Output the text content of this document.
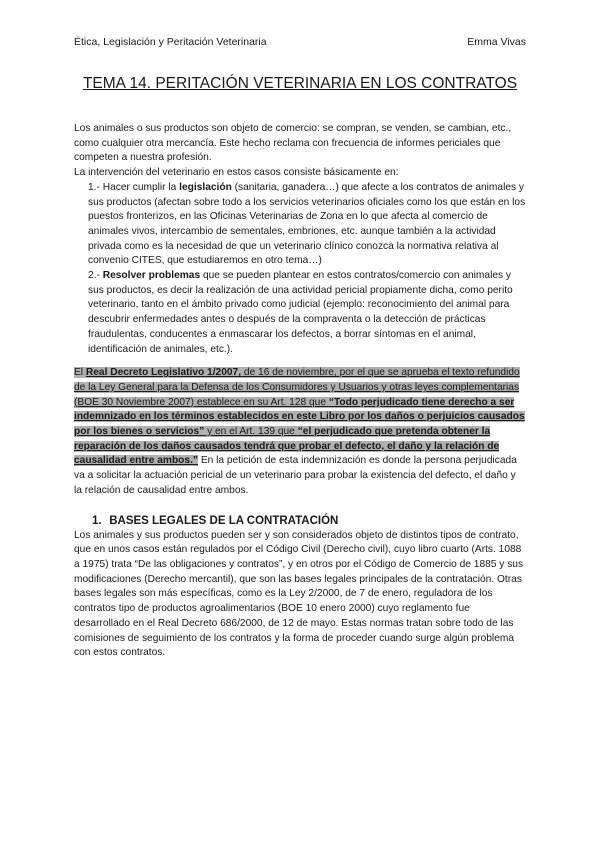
Ética, Legislación y Peritación Veterinaria	Emma Vivas
TEMA 14. PERITACIÓN VETERINARIA EN LOS CONTRATOS

Los animales o sus productos son objeto de comercio: se compran, se venden, se cambian, etc., como cualquier otra mercancía. Este hecho reclama con frecuencia de informes periciales que competen a nuestra profesión.

La intervención del veterinario en estos casos consiste básicamente en:

1.- Hacer cumplir la legislación (sanitaria, ganadera…) que afecte a los contratos de animales y sus productos (afectan sobre todo a los servicios veterinarios oficiales como los que están en los puestos fronterizos, en las Oficinas Veterinarias de Zona en lo que afecta al comercio de animales vivos, intercambio de sementales, embriones, etc. aunque también a la actividad privada como es la necesidad de que un veterinario clínico conozca la normativa relativa al convenio CITES, que estudiaremos en otro tema…)

2.- Resolver problemas que se pueden plantear en estos contratos/comercio con animales y sus productos, es decir la realización de una actividad pericial propiamente dicha, como perito veterinario, tanto en el ámbito privado como judicial (ejemplo: reconocimiento del animal para descubrir enfermedades antes o después de la compraventa o la detección de prácticas fraudulentas, conducentes a enmascarar los defectos, a borrar síntomas en el animal, identificación de animales, etc.).

El Real Decreto Legislativo 1/2007, de 16 de noviembre, por el que se aprueba el texto refundido de la Ley General para la Defensa de los Consumidores y Usuarios y otras leyes complementarias (BOE 30 Noviembre 2007) establece en su Art. 128 que “Todo perjudicado tiene derecho a ser indemnizado en los términos establecidos en este Libro por los daños o perjuicios causados por los bienes o servicios” y en el Art. 139 que “el perjudicado que pretenda obtener la reparación de los daños causados tendrá que probar el defecto, el daño y la relación de causalidad entre ambos.” En la petición de esta indemnización es donde la persona perjudicada va a solicitar la actuación pericial de un veterinario para probar la existencia del defecto, el daño y la relación de causalidad entre ambos.

1. BASES LEGALES DE LA CONTRATACIÓN

Los animales y sus productos pueden ser y son considerados objeto de distintos tipos de contrato, que en unos casos están regulados por el Código Civil (Derecho civil), cuyo libro cuarto (Arts. 1088 a 1975) trata “De las obligaciones y contratos”, y en otros por el Código de Comercio de 1885 y sus modificaciones (Derecho mercantil), que son las bases legales principales de la contratación. Otras bases legales son más específicas, como es la Ley 2/2000, de 7 de enero, reguladora de los contratos tipo de productos agroalimentarios (BOE 10 enero 2000) cuyo reglamento fue desarrollado en el Real Decreto 686/2000, de 12 de mayo. Estas normas tratan sobre todo de las comisiones de seguimiento de los contratos y la forma de proceder cuando surge algún problema con estos contratos.
